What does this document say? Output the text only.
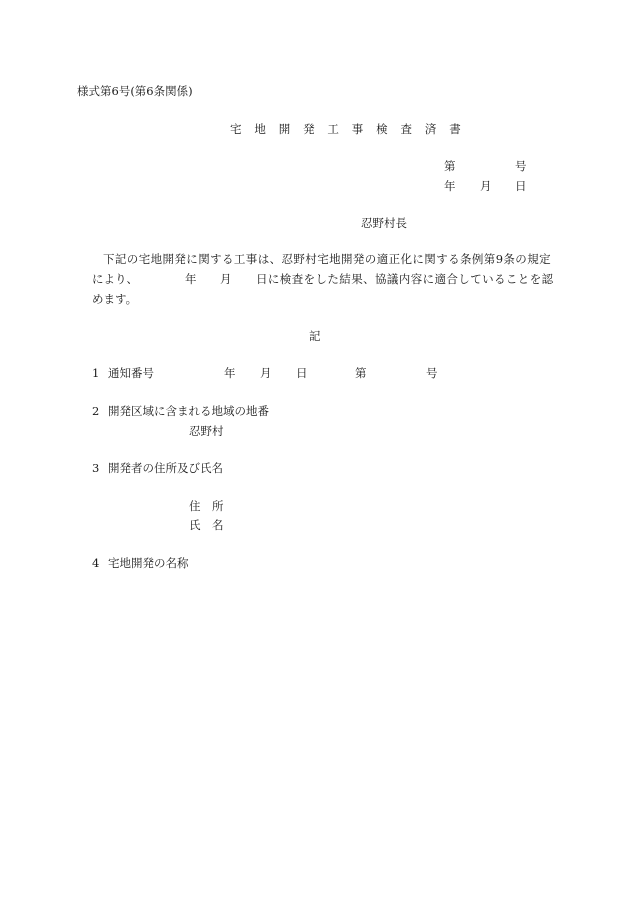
様式第6号(第6条関係)
宅 地 開 発 工 事 検 査 済 書
第	号
年 月 日
忍野村長
下記の宅地開発に関する工事は、忍野村宅地開発の適正化に関する条例第9条の規定
により、	年 月 日に検査をした結果、協議内容に適合していることを認
めます。
記
1 通知番号	年 月 日	第	号
2 開発区域に含まれる地域の地番
忍野村
3 開発者の住所及び氏名
住　所
氏　名
4 宅地開発の名称
